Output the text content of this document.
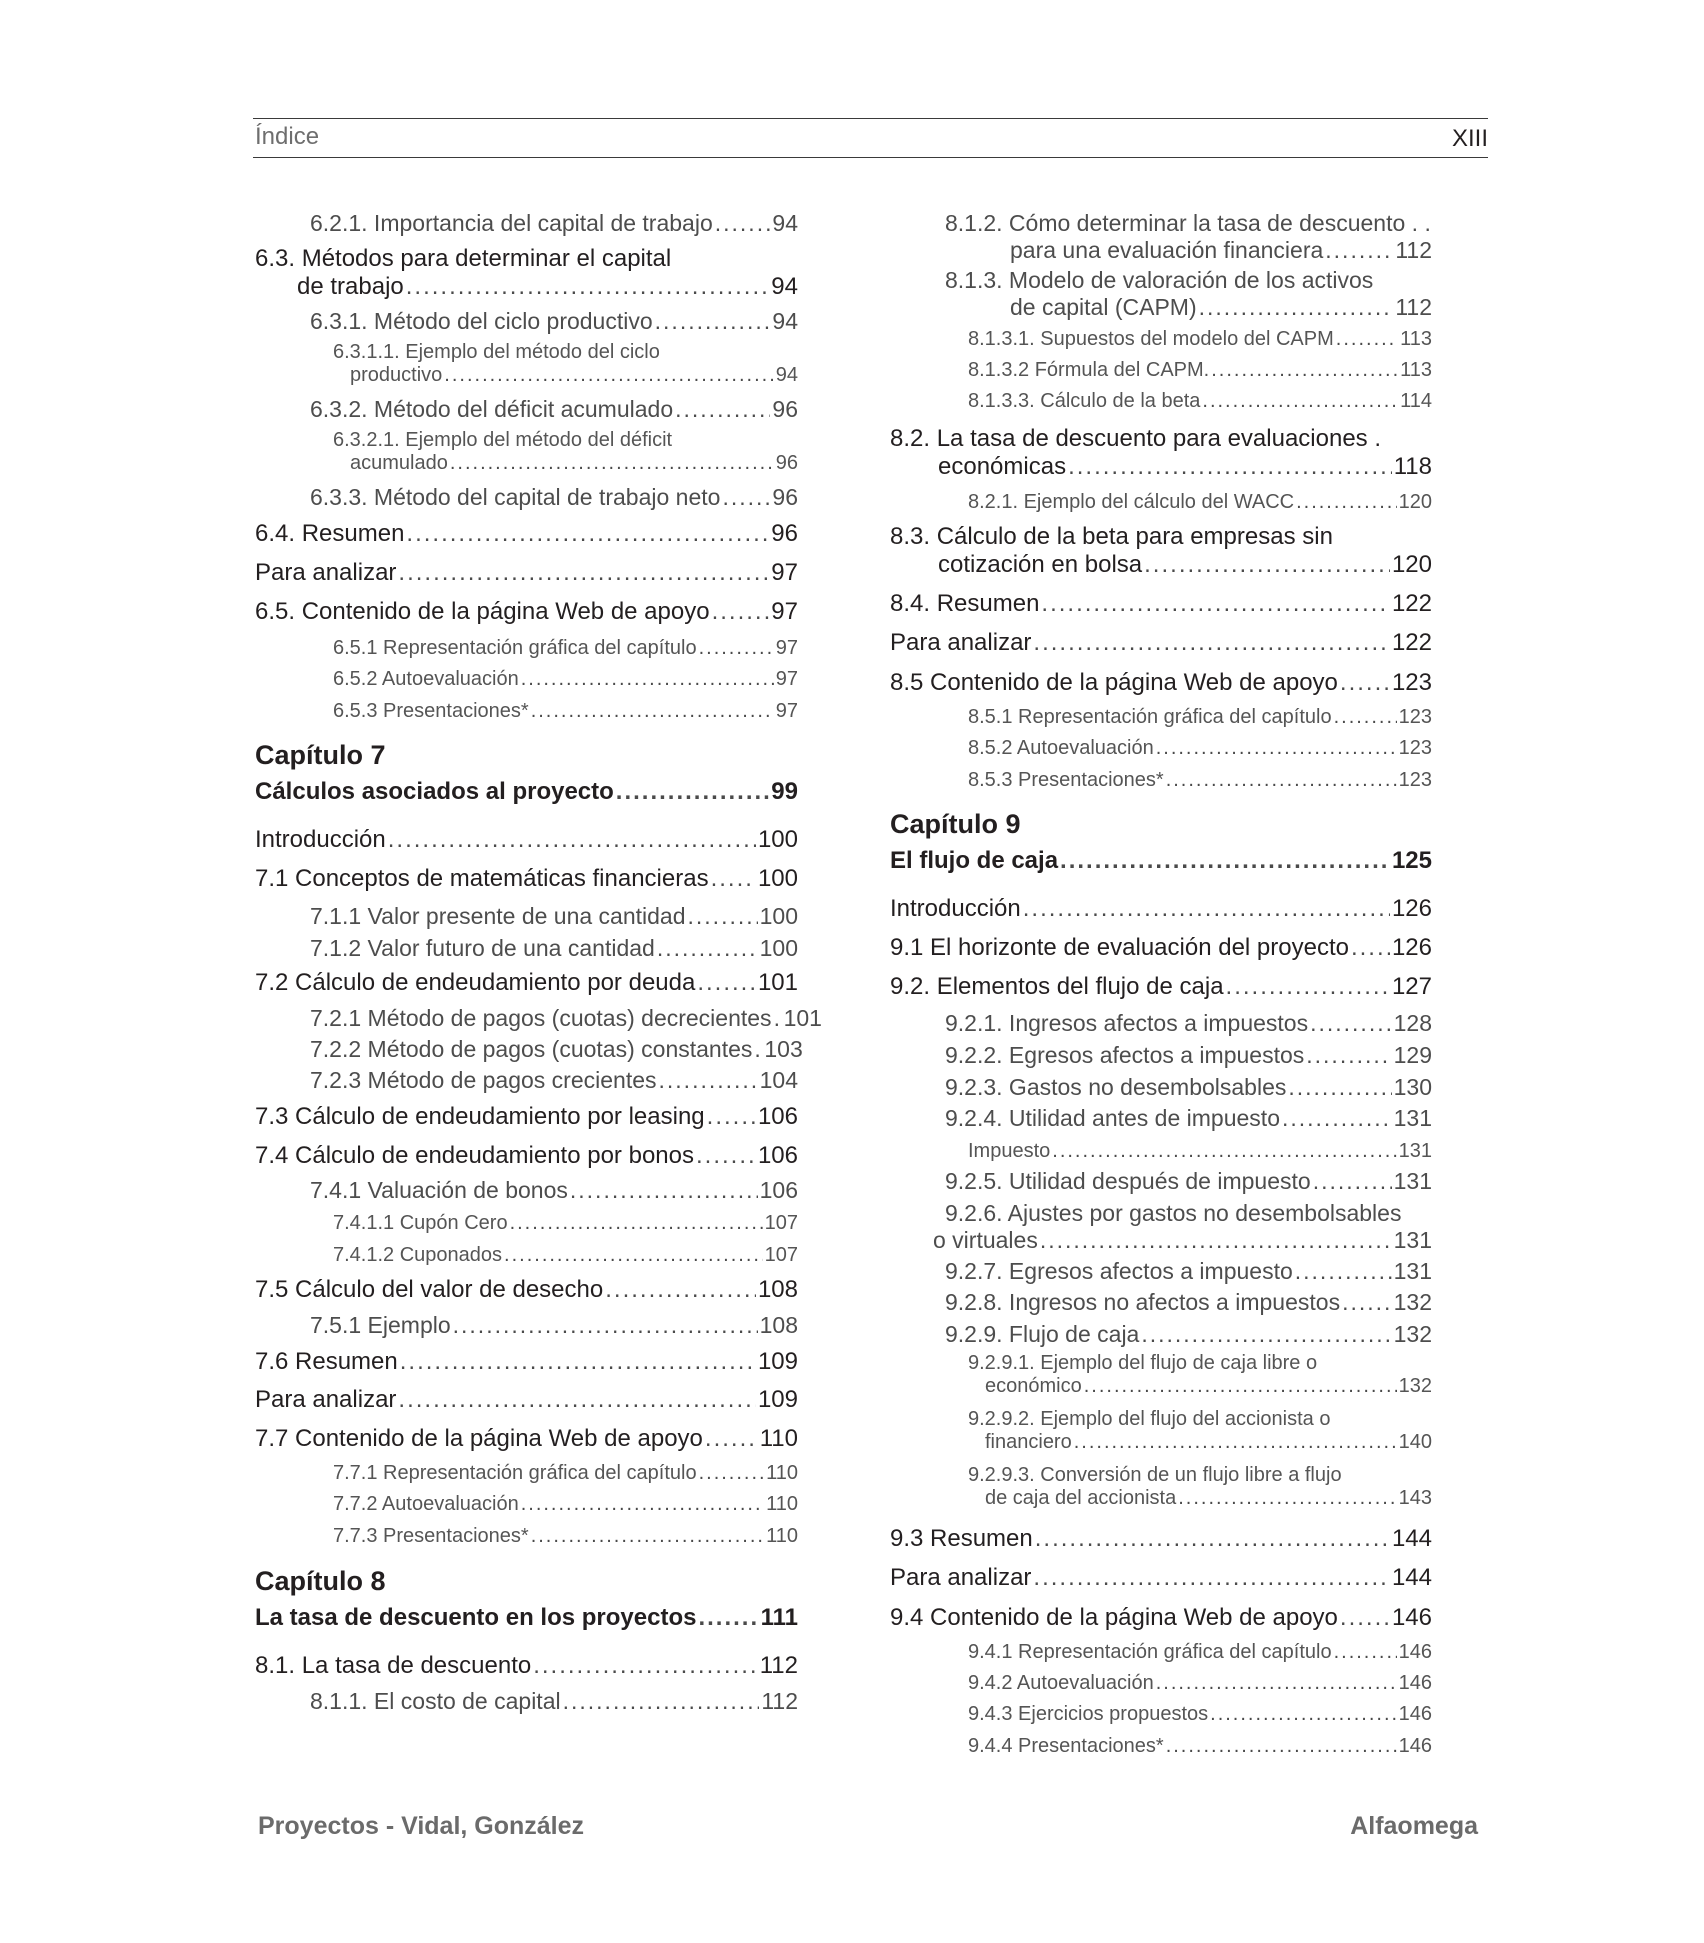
Índice	XIII
6.2.1. Importancia del capital de trabajo .....	94
6.3. Métodos para determinar el capital
de trabajo .....	94
6.3.1. Método del ciclo productivo .....	94
6.3.1.1. Ejemplo del método del ciclo
productivo .....	94
6.3.2. Método del déficit acumulado .....	96
6.3.2.1. Ejemplo del método del déficit
acumulado .....	96
6.3.3. Método del capital de trabajo neto ..... 96
6.4. Resumen .....	96
Para analizar .....	97
6.5. Contenido de la página Web de apoyo .....	97
6.5.1 Representación gráfica del capítulo .....	97
6.5.2 Autoevaluación .....	97
6.5.3 Presentaciones* .....	97
Capítulo 7
Cálculos asociados al proyecto .....	99
Introducción .....	100
7.1 Conceptos de matemáticas financieras ..... 100
7.1.1 Valor presente de una cantidad .....	100
7.1.2 Valor futuro de una cantidad .....	100
7.2 Cálculo de endeudamiento por deuda .....	101
7.2.1 Método de pagos (cuotas) decrecientes ..... 101
7.2.2 Método de pagos (cuotas) constantes ..... 103
7.2.3 Método de pagos crecientes .....	104
7.3 Cálculo de endeudamiento por leasing ..... 106
7.4 Cálculo de endeudamiento por bonos .....	106
7.4.1 Valuación de bonos .....	106
7.4.1.1 Cupón Cero .....	107
7.4.1.2 Cuponados .....	107
7.5 Cálculo del valor de desecho .....	108
7.5.1 Ejemplo .....	108
7.6 Resumen .....	109
Para analizar .....	109
7.7 Contenido de la página Web de apoyo ..... 110
7.7.1 Representación gráfica del capítulo .....	110
7.7.2 Autoevaluación .....	110
7.7.3 Presentaciones* .....	110
Capítulo 8
La tasa de descuento en los proyectos .....	111
8.1. La tasa de descuento .....	112
8.1.1. El costo de capital .....	112
8.1.2. Cómo determinar la tasa de descuento . .
para una evaluación financiera .....	112
8.1.3. Modelo de valoración de los activos
de capital (CAPM) .....	112
8.1.3.1. Supuestos del modelo del CAPM .....	113
8.1.3.2 Fórmula del CAPM. .....	113
8.1.3.3. Cálculo de la beta .....	114
8.2. La tasa de descuento para evaluaciones .
económicas .....	118
8.2.1. Ejemplo del cálculo del WACC .....	120
8.3. Cálculo de la beta para empresas sin
cotización en bolsa .....	120
8.4. Resumen .....	122
Para analizar .....	122
8.5 Contenido de la página Web de apoyo ..... 123
8.5.1 Representación gráfica del capítulo .....	123
8.5.2 Autoevaluación .....	123
8.5.3 Presentaciones* .....	123
Capítulo 9
El flujo de caja .....	125
Introducción .....	126
9.1 El horizonte de evaluación del proyecto ..... 126
9.2. Elementos del flujo de caja .....	127
9.2.1. Ingresos afectos a impuestos .....	128
9.2.2. Egresos afectos a impuestos .....	129
9.2.3. Gastos no desembolsables .....	130
9.2.4. Utilidad antes de impuesto .....	131
Impuesto .....	131
9.2.5. Utilidad después de impuesto .....	131
9.2.6. Ajustes por gastos no desembolsables
o virtuales .....	131
9.2.7. Egresos afectos a impuesto .....	131
9.2.8. Ingresos no afectos a impuestos ..... 132
9.2.9. Flujo de caja .....	132
9.2.9.1. Ejemplo del flujo de caja libre o
económico .....	132
9.2.9.2. Ejemplo del flujo del accionista o
financiero .....	140
9.2.9.3. Conversión de un flujo libre a flujo
de caja del accionista .....	143
9.3 Resumen .....	144
Para analizar .....	144
9.4 Contenido de la página Web de apoyo ..... 146
9.4.1 Representación gráfica del capítulo .....	146
9.4.2 Autoevaluación .....	146
9.4.3 Ejercicios propuestos .....	146
9.4.4 Presentaciones* .....	146
Proyectos - Vidal, González	Alfaomega
